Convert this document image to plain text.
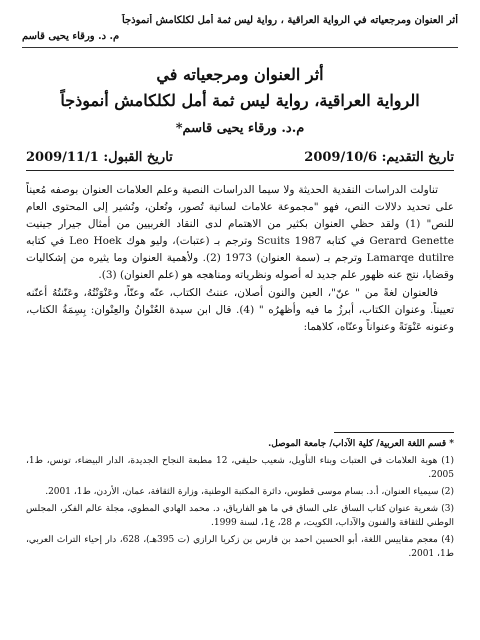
أثر العنوان ومرجعياته في الرواية العراقية ، رواية ليس ثمة أمل لكلكامش أنموذجاً
م. د. ورقاء يحيى قاسم
أثر العنوان ومرجعياته في
الرواية العراقية، رواية ليس ثمة أمل لكلكامش أنموذجاً
م.د. ورقاء يحيى قاسم*
تاريخ التقديم: 2009/10/6
تاريخ القبول: 2009/11/1

تناولت الدراسات النقدية الحديثة ولا سيما الدراسات النصية وعلم العلامات العنوان بوصفه مُعيناً على تحديد دلالات النص، فهو "مجموعة علامات لسانية تُصور، وتُعلن، وتُشير إلى المحتوى العام للنص" (1) ولقد حظي العنوان بكثير من الاهتمام لدى النقاد الغربيين من أمثال جيرار جينيت Gerard Genette في كتابه Scuits 1987 وترجم بـ (عتبات)، وليو هوك Leo Hoek في كتابه Lamarqe dutilre وترجم بـ (سمة العنوان) 1973 (2). ولأهمية العنوان وما يثيره من إشكاليات وقضايا، نتج عنه ظهور علم جديد له أصوله ونظرياته ومناهجه هو (علم العنوان) (3).

فالعنوان لغةً من " عنّ"، العين والنون أصلان، عننتُ الكتاب، عنّه وعنّاً، وعَنْوَنْتُهُ، وعَنّنتُهُ أعنّنه تعييناً. وعنوان الكتاب، أبرزُ ما فيه وأظهرُه " (4). قال ابن سيدة العُنْوانُ والعِنْوان: بِسِمَةُ الكتاب، وعنونه عَنْوَنَةً وعنواناً وعنّاه، كلاهما:

* قسم اللغة العربية/ كلية الآداب/ جامعة الموصل.
(1) هوية العلامات في العتبات وبناء التأويل، شعيب حليفي، 12 مطبعة النجاح الجديدة، الدار البيضاء، تونس، ط1، 2005.
(2) سيمياء العنوان، أ.د. بسام موسى قطوس، دائرة المكتبة الوطنية، وزارة الثقافة، عمان، الأردن، ط1، 2001.
(3) شعرية عنوان كتاب الساق على الساق في ما هو الفارياق، د. محمد الهادي المطوي، مجلة عالم الفكر، المجلس الوطني للثقافة والفنون والآداب، الكويت، م 28، ع1، لسنة 1999.
(4) معجم مقاييس اللغة، أبو الحسين احمد بن فارس بن زكريا الرازي (ت 395هـ)، 628، دار إحياء التراث العربي، ط1، 2001.
